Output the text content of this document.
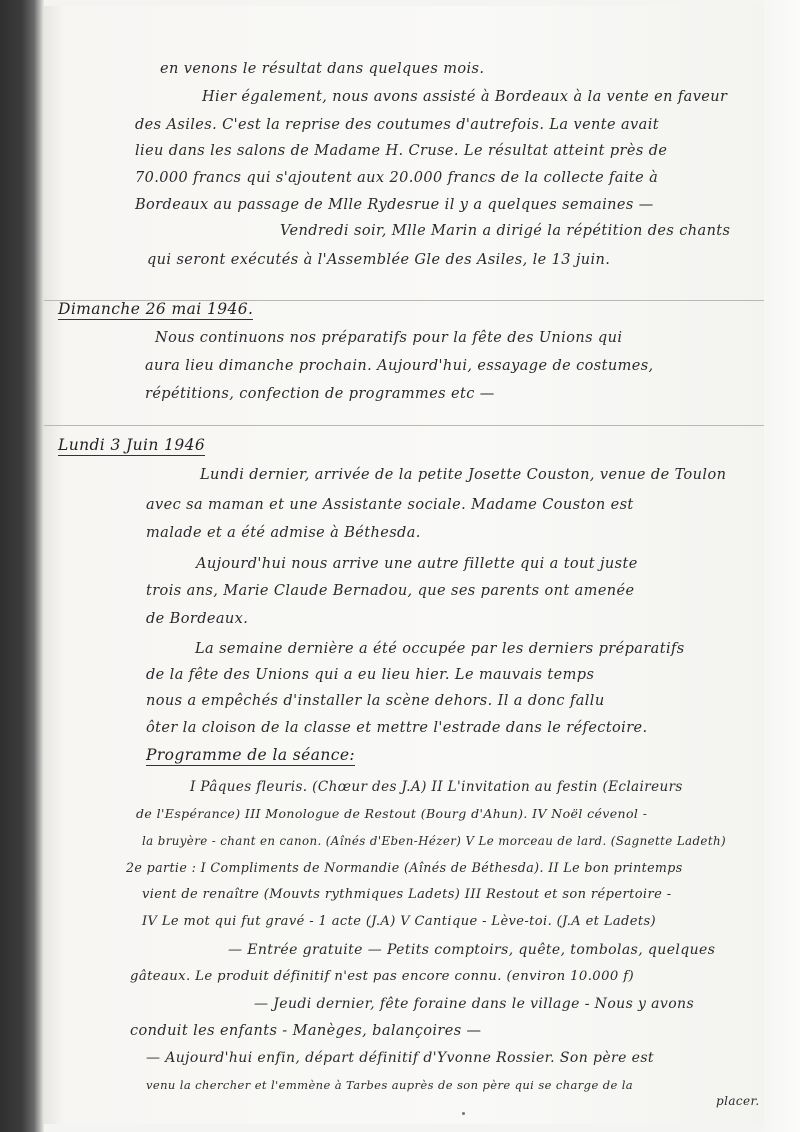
en venons le résultat dans quelques mois.

Hier également, nous avons assisté à Bordeaux à la vente en faveur

des Asiles. C'est la reprise des coutumes d'autrefois. La vente avait

lieu dans les salons de Madame H. Cruse. Le résultat atteint près de

70.000 francs qui s'ajoutent aux 20.000 francs de la collecte faite à

Bordeaux au passage de Mlle Rydesrue il y a quelques semaines —

Vendredi soir, Mlle Marin a dirigé la répétition des chants

qui seront exécutés à l'Assemblée Gle des Asiles, le 13 juin.

Dimanche 26 mai 1946.

Nous continuons nos préparatifs pour la fête des Unions qui

aura lieu dimanche prochain. Aujourd'hui, essayage de costumes,

répétitions, confection de programmes etc —

Lundi 3 Juin 1946

Lundi dernier, arrivée de la petite Josette Couston, venue de Toulon

avec sa maman et une Assistante sociale. Madame Couston est

malade et a été admise à Béthesda.

Aujourd'hui nous arrive une autre fillette qui a tout juste

trois ans, Marie Claude Bernadou, que ses parents ont amenée

de Bordeaux.

La semaine dernière a été occupée par les derniers préparatifs

de la fête des Unions qui a eu lieu hier. Le mauvais temps

nous a empêchés d'installer la scène dehors. Il a donc fallu

ôter la cloison de la classe et mettre l'estrade dans le réfectoire.

Programme de la séance:

I Pâques fleuris. (Chœur des J.A) II L'invitation au festin (Eclaireurs

de l'Espérance) III Monologue de Restout (Bourg d'Ahun). IV Noël cévenol -

la bruyère - chant en canon. (Aînés d'Eben-Hézer) V Le morceau de lard. (Sagnette Ladeth)

2e partie : I Compliments de Normandie (Aînés de Béthesda). II Le bon printemps

vient de renaître (Mouvts rythmiques Ladets) III Restout et son répertoire -

IV Le mot qui fut gravé - 1 acte (J.A) V Cantique - Lève-toi. (J.A et Ladets)

— Entrée gratuite — Petits comptoirs, quête, tombolas, quelques

gâteaux. Le produit définitif n'est pas encore connu. (environ 10.000 f)

— Jeudi dernier, fête foraine dans le village - Nous y avons

conduit les enfants - Manèges, balançoires —

— Aujourd'hui enfin, départ définitif d'Yvonne Rossier. Son père est

venu la chercher et l'emmène à Tarbes auprès de son père qui se charge de la

placer.
